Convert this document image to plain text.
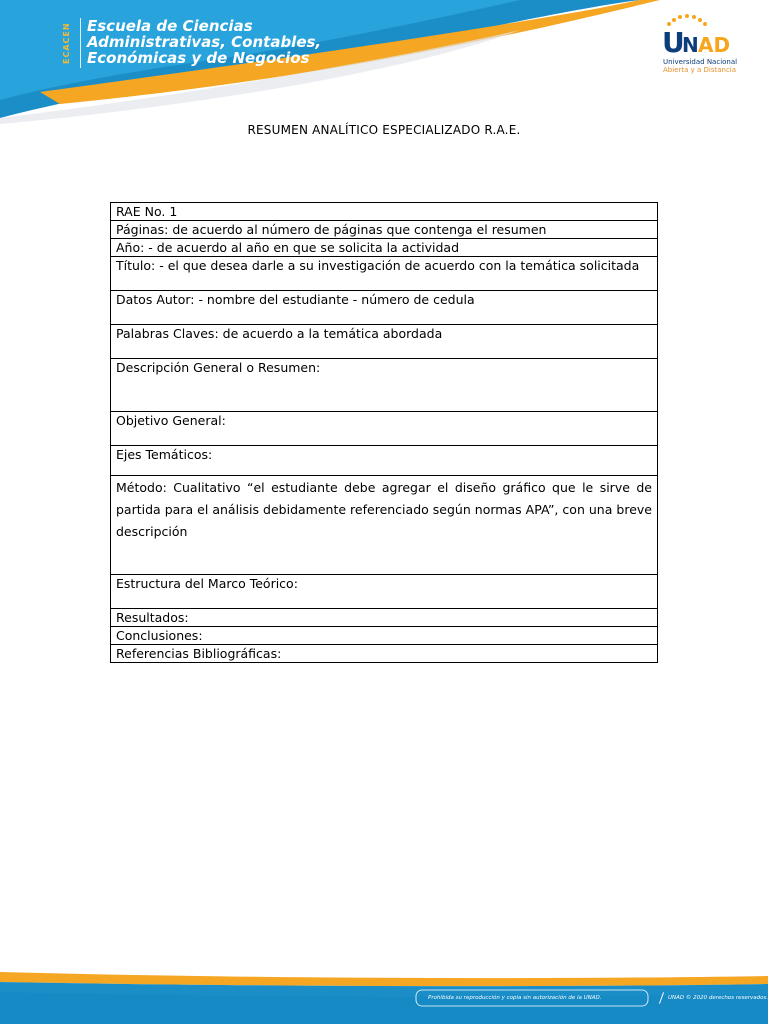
ECACEN	Escuela de Ciencias
Administrativas, Contables,
Económicas y de Negocios	U
N AD
Universidad Nacional
Abierta y a Distancia
RESUMEN ANALÍTICO ESPECIALIZADO R.A.E.
RAE No. 1
Páginas: de acuerdo al número de páginas que contenga el resumen
Año: - de acuerdo al año en que se solicita la actividad
Título: - el que desea darle a su investigación de acuerdo con la temática solicitada
Datos Autor: - nombre del estudiante - número de cedula
Palabras Claves: de acuerdo a la temática abordada
Descripción General o Resumen:
Objetivo General:
Ejes Temáticos:
Método: Cualitativo “el estudiante debe agregar el diseño gráfico que le sirve de partida para el análisis debidamente referenciado según normas APA”, con una breve descripción
Estructura del Marco Teórico:
Resultados:
Conclusiones:
Referencias Bibliográficas:
Prohibida su reproducción y copia sin autorización de la UNAD.	UNAD © 2020 derechos reservados.
